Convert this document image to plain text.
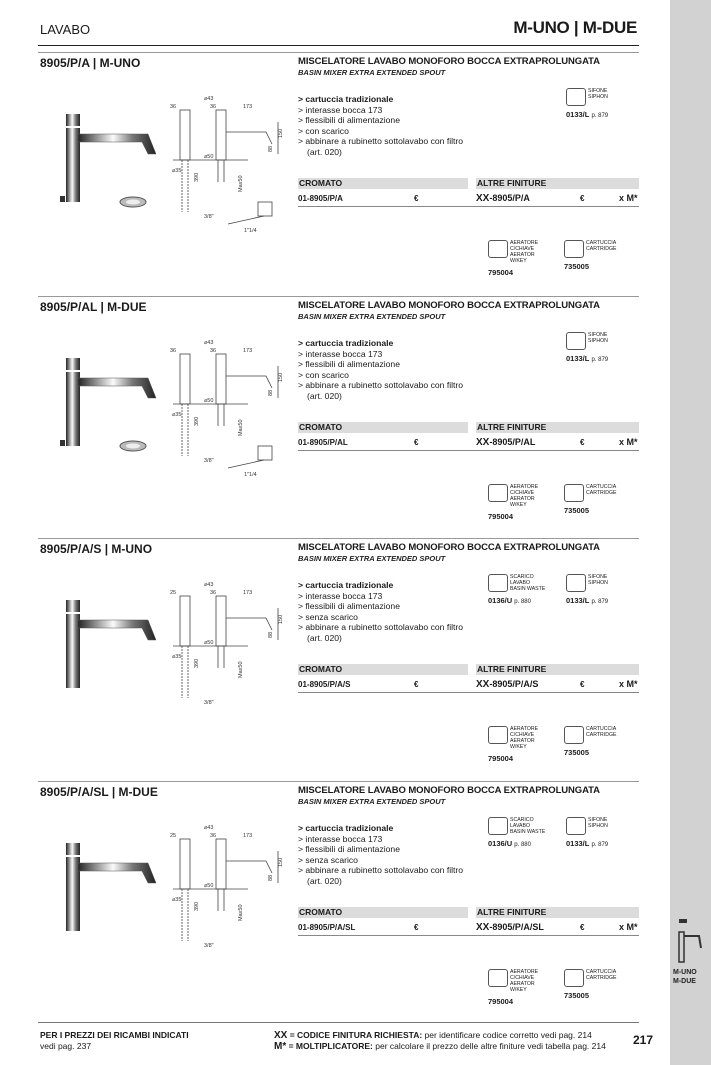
LAVABO	M-UNO | M-DUE
M-UNO
M-DUE
8905/P/A | M-UNO
⌀43
36	36	173
150
88
⌀50
⌀35
390	Max50
3/8"
1"1/4
MISCELATORE LAVABO MONOFORO BOCCA EXTRAPROLUNGATA
BASIN MIXER EXTRA EXTENDED SPOUT
> cartuccia tradizionale
> interasse bocca 173
> flessibili di alimentazione
> con scarico
> abbinare a rubinetto sottolavabo con filtro
(art. 020)
SIFONE
SIPHON
0133/L p. 879
CROMATO	ALTRE FINITURE
01-8905/P/A	€	XX-8905/P/A	€	x M*
AERATORE C/CHIAVE
AERATOR W/KEY
795004
CARTUCCIA
CARTRIDGE
735005
8905/P/AL | M-DUE
⌀43
36	36	173
150
88
⌀50
⌀35
390	Max50
3/8"
1"1/4
MISCELATORE LAVABO MONOFORO BOCCA EXTRAPROLUNGATA
BASIN MIXER EXTRA EXTENDED SPOUT
> cartuccia tradizionale
> interasse bocca 173
> flessibili di alimentazione
> con scarico
> abbinare a rubinetto sottolavabo con filtro
(art. 020)
SIFONE
SIPHON
0133/L p. 879
CROMATO	ALTRE FINITURE
01-8905/P/AL	€	XX-8905/P/AL	€	x M*
AERATORE C/CHIAVE
AERATOR W/KEY
795004
CARTUCCIA
CARTRIDGE
735005
8905/P/A/S | M-UNO
⌀43
25	36	173
150
88
⌀50
⌀35
390	Max50
3/8"
MISCELATORE LAVABO MONOFORO BOCCA EXTRAPROLUNGATA
BASIN MIXER EXTRA EXTENDED SPOUT
> cartuccia tradizionale
> interasse bocca 173
> flessibili di alimentazione
> senza scarico
> abbinare a rubinetto sottolavabo con filtro
(art. 020)
SCARICO LAVABO
BASIN WASTE
0136/U p. 880
SIFONE
SIPHON
0133/L p. 879
CROMATO	ALTRE FINITURE
01-8905/P/A/S	€	XX-8905/P/A/S	€	x M*
AERATORE C/CHIAVE
AERATOR W/KEY
795004
CARTUCCIA
CARTRIDGE
735005
8905/P/A/SL | M-DUE
⌀43
25	36	173
150
88
⌀50
⌀35
390	Max50
3/8"
MISCELATORE LAVABO MONOFORO BOCCA EXTRAPROLUNGATA
BASIN MIXER EXTRA EXTENDED SPOUT
> cartuccia tradizionale
> interasse bocca 173
> flessibili di alimentazione
> senza scarico
> abbinare a rubinetto sottolavabo con filtro
(art. 020)
SCARICO LAVABO
BASIN WASTE
0136/U p. 880
SIFONE
SIPHON
0133/L p. 879
CROMATO	ALTRE FINITURE
01-8905/P/A/SL	€	XX-8905/P/A/SL	€	x M*
AERATORE C/CHIAVE
AERATOR W/KEY
795004
CARTUCCIA
CARTRIDGE
735005
PER I PREZZI DEI RICAMBI INDICATI
vedi pag. 237
XX = CODICE FINITURA RICHIESTA: per identificare codice corretto vedi pag. 214
M* = MOLTIPLICATORE: per calcolare il prezzo delle altre finiture vedi tabella pag. 214 217
